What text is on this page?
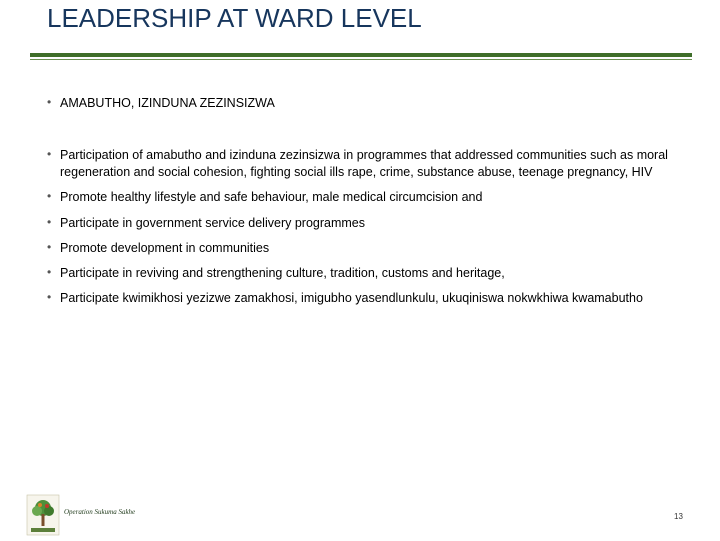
LEADERSHIP AT WARD LEVEL
• AMABUTHO, IZINDUNA ZEZINSIZWA
• Participation of amabutho and izinduna zezinsizwa in programmes that addressed communities such as moral regeneration and social cohesion, fighting social ills rape, crime, substance abuse, teenage pregnancy, HIV
• Promote healthy lifestyle and safe behaviour, male medical circumcision and
• Participate in government service delivery programmes
• Promote development in communities
• Participate in reviving and strengthening culture, tradition, customs and heritage,
• Participate kwimikhosi yezizwe zamakhosi, imigubho yasendlunkulu, ukuqiniswa nokwkhiwa kwamabutho
Operation Sukuma Sakhe	13
